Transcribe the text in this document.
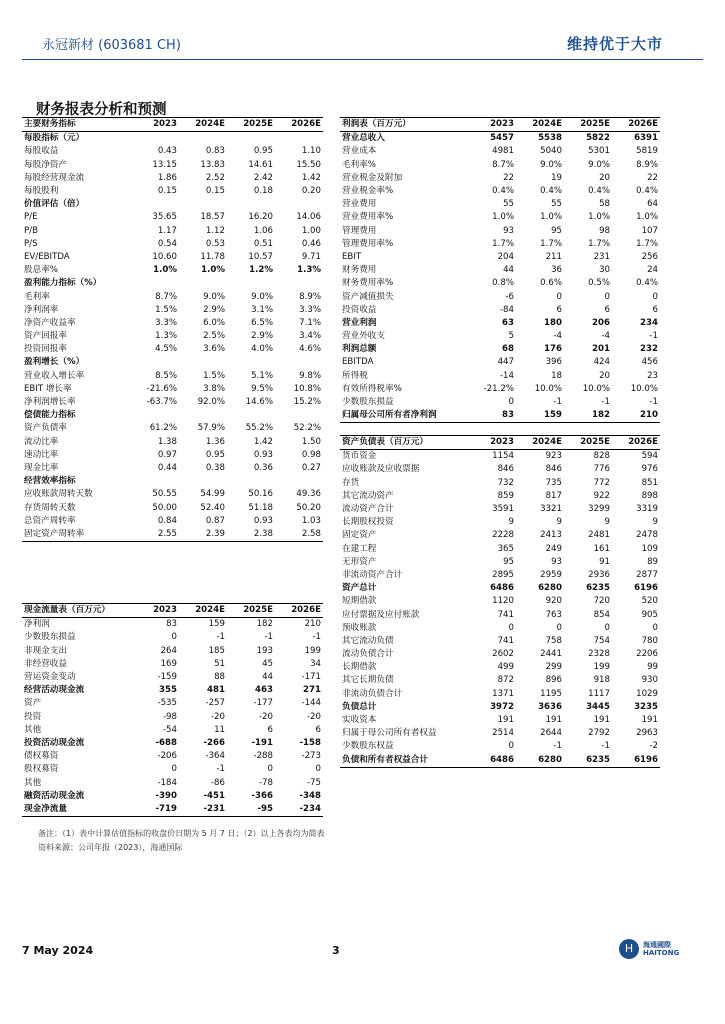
永冠新材 (603681 CH)	维持优于大市
财务报表分析和预测
主要财务指标	2023	2024E	2025E	2026E
每股指标（元）				
每股收益	0.43	0.83	0.95	1.10
每股净资产	13.15	13.83	14.61	15.50
每股经营现金流	1.86	2.52	2.42	1.42
每股股利	0.15	0.15	0.18	0.20
价值评估（倍）				
P/E	35.65	18.57	16.20	14.06
P/B	1.17	1.12	1.06	1.00
P/S	0.54	0.53	0.51	0.46
EV/EBITDA	10.60	11.78	10.57	9.71
股息率%	1.0%	1.0%	1.2%	1.3%
盈利能力指标（%）				
毛利率	8.7%	9.0%	9.0%	8.9%
净利润率	1.5%	2.9%	3.1%	3.3%
净资产收益率	3.3%	6.0%	6.5%	7.1%
资产回报率	1.3%	2.5%	2.9%	3.4%
投资回报率	4.5%	3.6%	4.0%	4.6%
盈利增长（%）				
营业收入增长率	8.5%	1.5%	5.1%	9.8%
EBIT 增长率	-21.6%	3.8%	9.5%	10.8%
净利润增长率	-63.7%	92.0%	14.6%	15.2%
偿债能力指标				
资产负债率	61.2%	57.9%	55.2%	52.2%
流动比率	1.38	1.36	1.42	1.50
速动比率	0.97	0.95	0.93	0.98
现金比率	0.44	0.38	0.36	0.27
经营效率指标				
应收账款周转天数	50.55	54.99	50.16	49.36
存货周转天数	50.00	52.40	51.18	50.20
总资产周转率	0.84	0.87	0.93	1.03
固定资产周转率	2.55	2.39	2.38	2.58
利润表（百万元）	2023	2024E	2025E	2026E
营业总收入	5457	5538	5822	6391
营业成本	4981	5040	5301	5819
毛利率%	8.7%	9.0%	9.0%	8.9%
营业税金及附加	22	19	20	22
营业税金率%	0.4%	0.4%	0.4%	0.4%
营业费用	55	55	58	64
营业费用率%	1.0%	1.0%	1.0%	1.0%
管理费用	93	95	98	107
管理费用率%	1.7%	1.7%	1.7%	1.7%
EBIT	204	211	231	256
财务费用	44	36	30	24
财务费用率%	0.8%	0.6%	0.5%	0.4%
资产减值损失	-6	0	0	0
投资收益	-84	6	6	6
营业利润	63	180	206	234
营业外收支	5	-4	-4	-1
利润总额	68	176	201	232
EBITDA	447	396	424	456
所得税	-14	18	20	23
有效所得税率%	-21.2%	10.0%	10.0%	10.0%
少数股东损益	0	-1	-1	-1
归属母公司所有者净利润	83	159	182	210
资产负债表（百万元）	2023	2024E	2025E	2026E
货币资金	1154	923	828	594
应收账款及应收票据	846	846	776	976
存货	732	735	772	851
其它流动资产	859	817	922	898
流动资产合计	3591	3321	3299	3319
长期股权投资	9	9	9	9
固定资产	2228	2413	2481	2478
在建工程	365	249	161	109
无形资产	95	93	91	89
非流动资产合计	2895	2959	2936	2877
资产总计	6486	6280	6235	6196
短期借款	1120	920	720	520
应付票据及应付账款	741	763	854	905
预收账款	0	0	0	0
其它流动负债	741	758	754	780
流动负债合计	2602	2441	2328	2206
长期借款	499	299	199	99
其它长期负债	872	896	918	930
非流动负债合计	1371	1195	1117	1029
负债总计	3972	3636	3445	3235
实收资本	191	191	191	191
归属于母公司所有者权益	2514	2644	2792	2963
少数股东权益	0	-1	-1	-2
负债和所有者权益合计	6486	6280	6235	6196
现金流量表（百万元）	2023	2024E	2025E	2026E
净利润	83	159	182	210
少数股东损益	0	-1	-1	-1
非现金支出	264	185	193	199
非经营收益	169	51	45	34
营运资金变动	-159	88	44	-171
经营活动现金流	355	481	463	271
资产	-535	-257	-177	-144
投资	-98	-20	-20	-20
其他	-54	11	6	6
投资活动现金流	-688	-266	-191	-158
债权募资	-206	-364	-288	-273
股权募资	0	-1	0	0
其他	-184	-86	-78	-75
融资活动现金流	-390	-451	-366	-348
现金净流量	-719	-231	-95	-234
备注：（1）表中计算估值指标的收盘价日期为 5 月 7 日；（2）以上各表均为简表
资料来源：公司年报（2023），海通国际
7 May 2024	3	H	海通國際
HAITONG
